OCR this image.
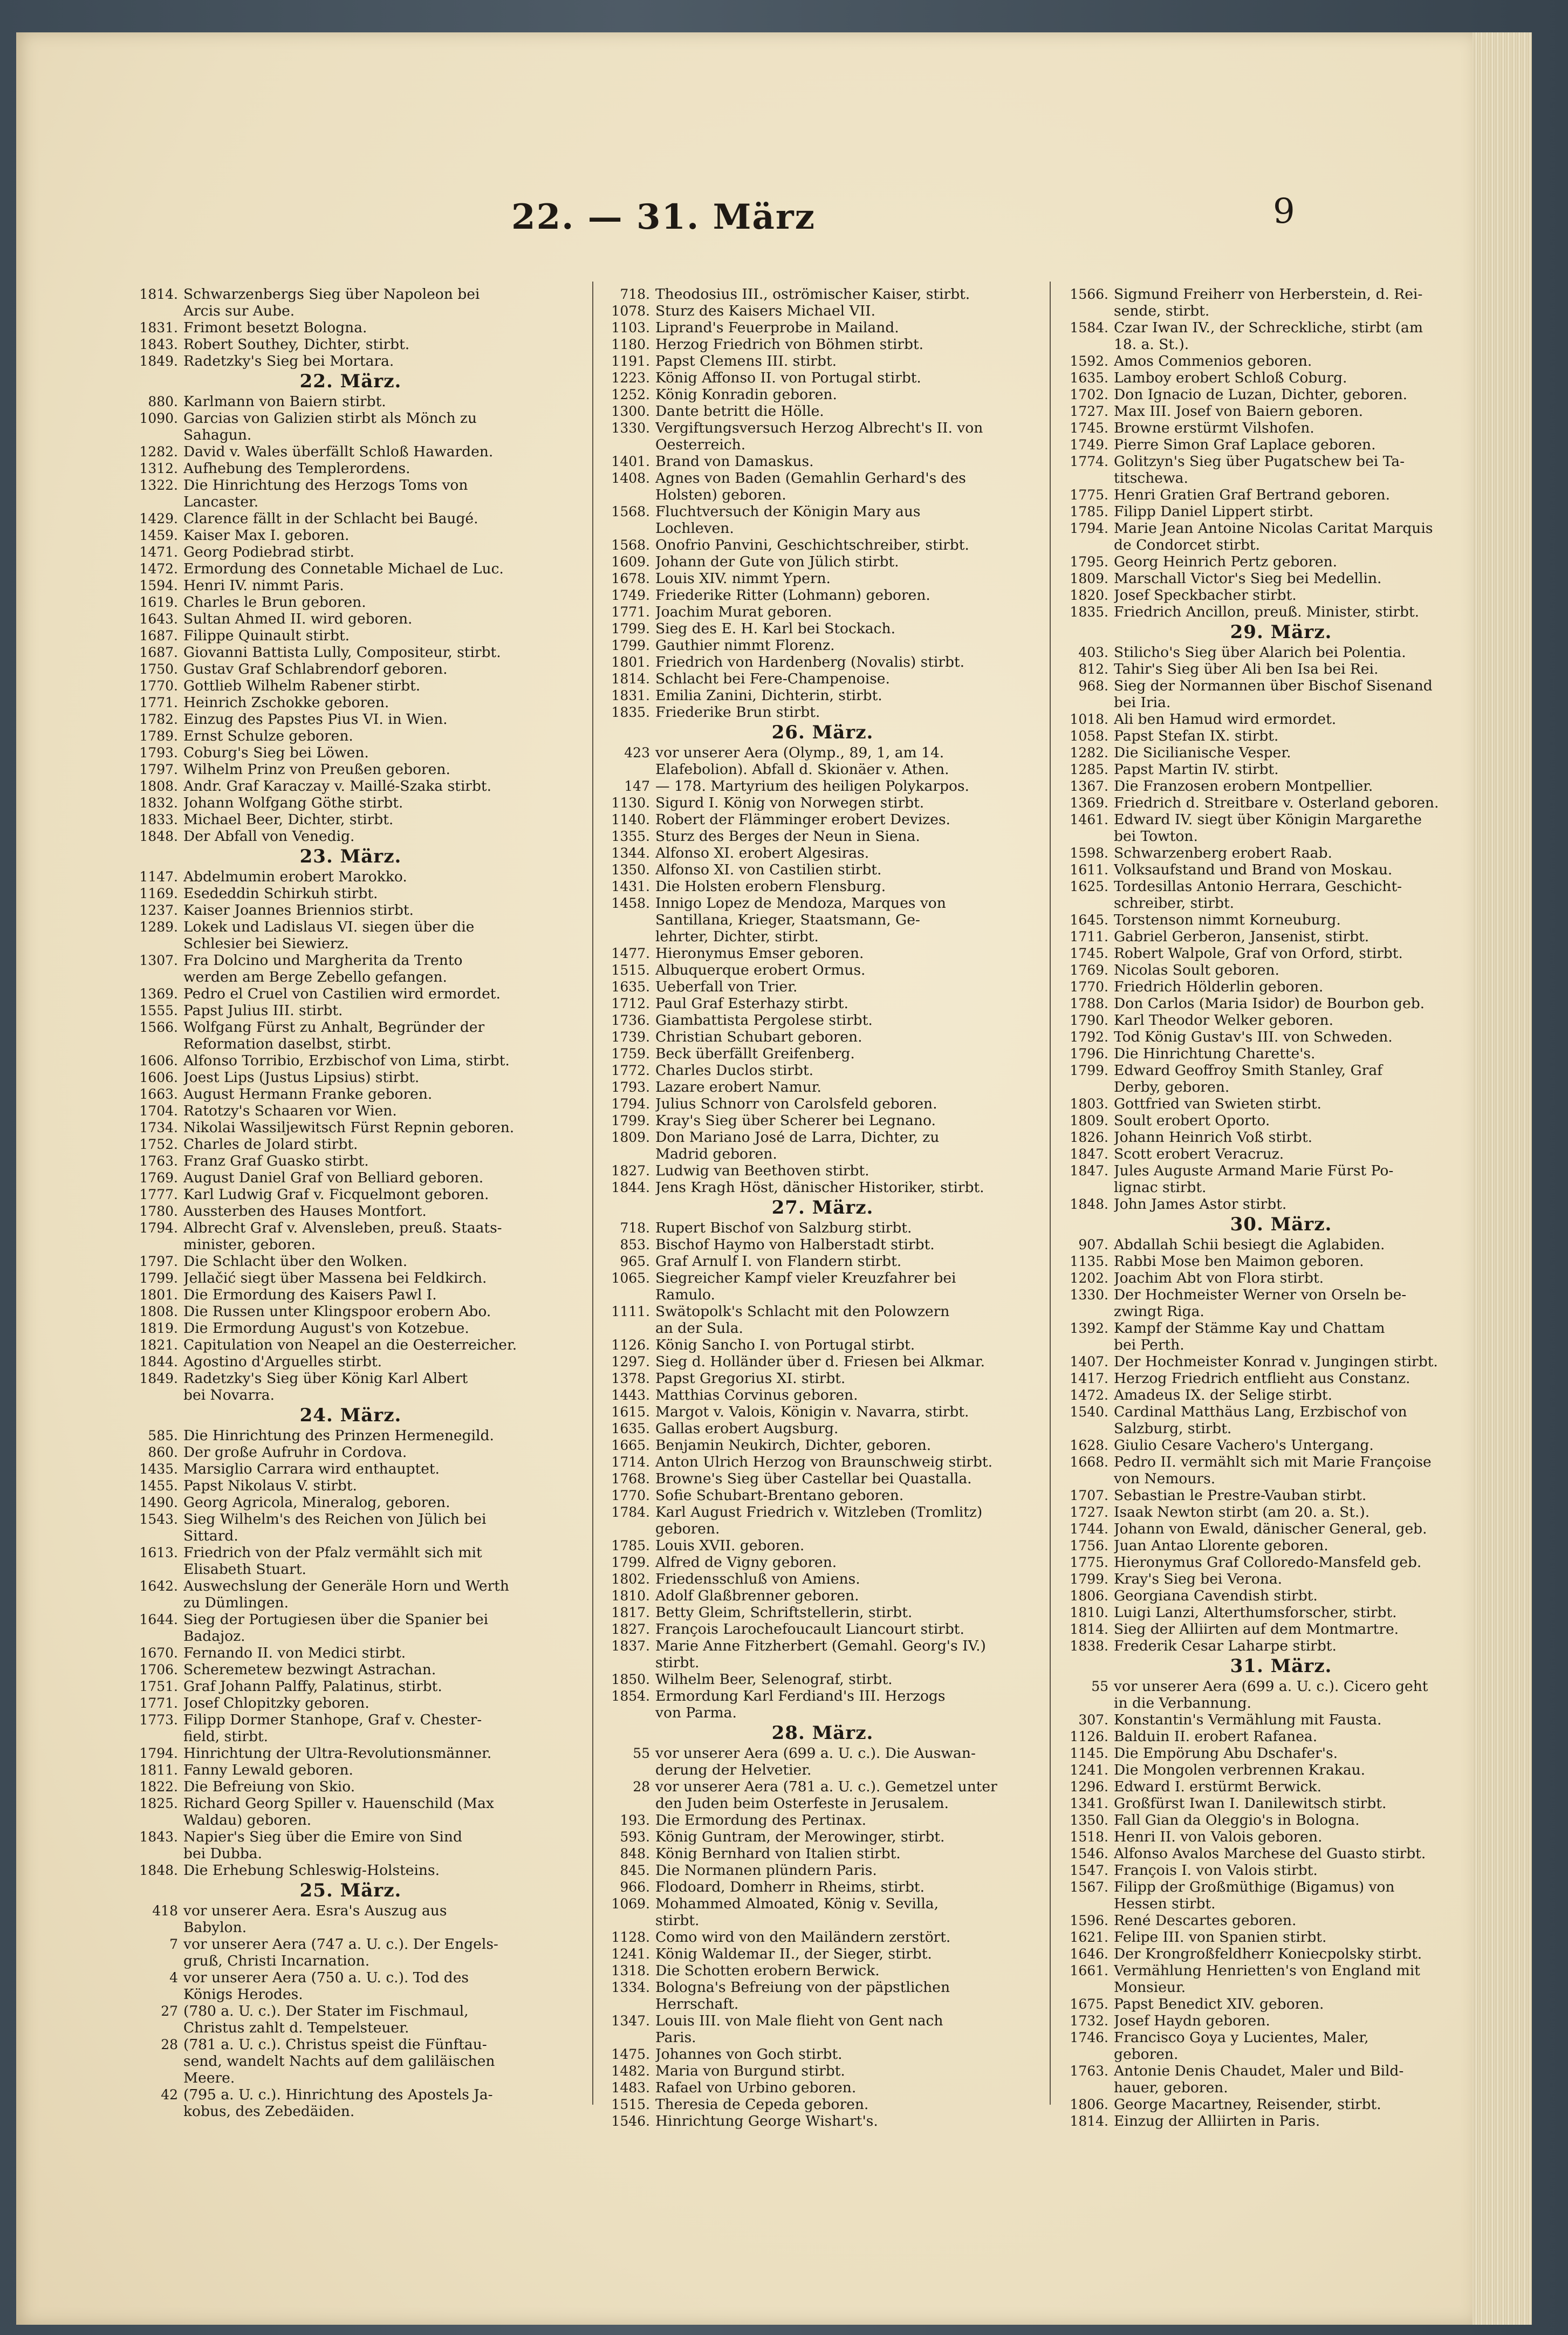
22. — 31. März	9
1814. Schwarzenbergs Sieg über Napoleon bei
Arcis sur Aube.
1831. Frimont besetzt Bologna.
1843. Robert Southey, Dichter, stirbt.
1849. Radetzky's Sieg bei Mortara.
22. März.
880. Karlmann von Baiern stirbt.
1090. Garcias von Galizien stirbt als Mönch zu
Sahagun.
1282. David v. Wales überfällt Schloß Hawarden.
1312. Aufhebung des Templerordens.
1322. Die Hinrichtung des Herzogs Toms von
Lancaster.
1429. Clarence fällt in der Schlacht bei Baugé.
1459. Kaiser Max I. geboren.
1471. Georg Podiebrad stirbt.
1472. Ermordung des Connetable Michael de Luc.
1594. Henri IV. nimmt Paris.
1619. Charles le Brun geboren.
1643. Sultan Ahmed II. wird geboren.
1687. Filippe Quinault stirbt.
1687. Giovanni Battista Lully, Compositeur, stirbt.
1750. Gustav Graf Schlabrendorf geboren.
1770. Gottlieb Wilhelm Rabener stirbt.
1771. Heinrich Zschokke geboren.
1782. Einzug des Papstes Pius VI. in Wien.
1789. Ernst Schulze geboren.
1793. Coburg's Sieg bei Löwen.
1797. Wilhelm Prinz von Preußen geboren.
1808. Andr. Graf Karaczay v. Maillé-Szaka stirbt.
1832. Johann Wolfgang Göthe stirbt.
1833. Michael Beer, Dichter, stirbt.
1848. Der Abfall von Venedig.
23. März.
1147. Abdelmumin erobert Marokko.
1169. Esededdin Schirkuh stirbt.
1237. Kaiser Joannes Briennios stirbt.
1289. Lokek und Ladislaus VI. siegen über die
Schlesier bei Siewierz.
1307. Fra Dolcino und Margherita da Trento
werden am Berge Zebello gefangen.
1369. Pedro el Cruel von Castilien wird ermordet.
1555. Papst Julius III. stirbt.
1566. Wolfgang Fürst zu Anhalt, Begründer der
Reformation daselbst, stirbt.
1606. Alfonso Torribio, Erzbischof von Lima, stirbt.
1606. Joest Lips (Justus Lipsius) stirbt.
1663. August Hermann Franke geboren.
1704. Ratotzy's Schaaren vor Wien.
1734. Nikolai Wassiljewitsch Fürst Repnin geboren.
1752. Charles de Jolard stirbt.
1763. Franz Graf Guasko stirbt.
1769. August Daniel Graf von Belliard geboren.
1777. Karl Ludwig Graf v. Ficquelmont geboren.
1780. Aussterben des Hauses Montfort.
1794. Albrecht Graf v. Alvensleben, preuß. Staats-
minister, geboren.
1797. Die Schlacht über den Wolken.
1799. Jellačić siegt über Massena bei Feldkirch.
1801. Die Ermordung des Kaisers Pawl I.
1808. Die Russen unter Klingspoor erobern Abo.
1819. Die Ermordung August's von Kotzebue.
1821. Capitulation von Neapel an die Oesterreicher.
1844. Agostino d'Arguelles stirbt.
1849. Radetzky's Sieg über König Karl Albert
bei Novarra.
24. März.
585. Die Hinrichtung des Prinzen Hermenegild.
860. Der große Aufruhr in Cordova.
1435. Marsiglio Carrara wird enthauptet.
1455. Papst Nikolaus V. stirbt.
1490. Georg Agricola, Mineralog, geboren.
1543. Sieg Wilhelm's des Reichen von Jülich bei
Sittard.
1613. Friedrich von der Pfalz vermählt sich mit
Elisabeth Stuart.
1642. Auswechslung der Generäle Horn und Werth
zu Dümlingen.
1644. Sieg der Portugiesen über die Spanier bei
Badajoz.
1670. Fernando II. von Medici stirbt.
1706. Scheremetew bezwingt Astrachan.
1751. Graf Johann Palffy, Palatinus, stirbt.
1771. Josef Chlopitzky geboren.
1773. Filipp Dormer Stanhope, Graf v. Chester-
field, stirbt.
1794. Hinrichtung der Ultra-Revolutionsmänner.
1811. Fanny Lewald geboren.
1822. Die Befreiung von Skio.
1825. Richard Georg Spiller v. Hauenschild (Max
Waldau) geboren.
1843. Napier's Sieg über die Emire von Sind
bei Dubba.
1848. Die Erhebung Schleswig-Holsteins.
25. März.
418 vor unserer Aera. Esra's Auszug aus
Babylon.
7 vor unserer Aera (747 a. U. c.). Der Engels-
gruß, Christi Incarnation.
4 vor unserer Aera (750 a. U. c.). Tod des
Königs Herodes.
27 (780 a. U. c.). Der Stater im Fischmaul,
Christus zahlt d. Tempelsteuer.
28 (781 a. U. c.). Christus speist die Fünftau-
send, wandelt Nachts auf dem galiläischen
Meere.
42 (795 a. U. c.). Hinrichtung des Apostels Ja-
kobus, des Zebedäiden.
718. Theodosius III., oströmischer Kaiser, stirbt.
1078. Sturz des Kaisers Michael VII.
1103. Liprand's Feuerprobe in Mailand.
1180. Herzog Friedrich von Böhmen stirbt.
1191. Papst Clemens III. stirbt.
1223. König Affonso II. von Portugal stirbt.
1252. König Konradin geboren.
1300. Dante betritt die Hölle.
1330. Vergiftungsversuch Herzog Albrecht's II. von
Oesterreich.
1401. Brand von Damaskus.
1408. Agnes von Baden (Gemahlin Gerhard's des
Holsten) geboren.
1568. Fluchtversuch der Königin Mary aus
Lochleven.
1568. Onofrio Panvini, Geschichtschreiber, stirbt.
1609. Johann der Gute von Jülich stirbt.
1678. Louis XIV. nimmt Ypern.
1749. Friederike Ritter (Lohmann) geboren.
1771. Joachim Murat geboren.
1799. Sieg des E. H. Karl bei Stockach.
1799. Gauthier nimmt Florenz.
1801. Friedrich von Hardenberg (Novalis) stirbt.
1814. Schlacht bei Fere-Champenoise.
1831. Emilia Zanini, Dichterin, stirbt.
1835. Friederike Brun stirbt.
26. März.
423 vor unserer Aera (Olymp., 89, 1, am 14.
Elafebolion). Abfall d. Skionäer v. Athen.
147 — 178. Martyrium des heiligen Polykarpos.
1130. Sigurd I. König von Norwegen stirbt.
1140. Robert der Flämminger erobert Devizes.
1355. Sturz des Berges der Neun in Siena.
1344. Alfonso XI. erobert Algesiras.
1350. Alfonso XI. von Castilien stirbt.
1431. Die Holsten erobern Flensburg.
1458. Innigo Lopez de Mendoza, Marques von
Santillana, Krieger, Staatsmann, Ge-
lehrter, Dichter, stirbt.
1477. Hieronymus Emser geboren.
1515. Albuquerque erobert Ormus.
1635. Ueberfall von Trier.
1712. Paul Graf Esterhazy stirbt.
1736. Giambattista Pergolese stirbt.
1739. Christian Schubart geboren.
1759. Beck überfällt Greifenberg.
1772. Charles Duclos stirbt.
1793. Lazare erobert Namur.
1794. Julius Schnorr von Carolsfeld geboren.
1799. Kray's Sieg über Scherer bei Legnano.
1809. Don Mariano José de Larra, Dichter, zu
Madrid geboren.
1827. Ludwig van Beethoven stirbt.
1844. Jens Kragh Höst, dänischer Historiker, stirbt.
27. März.
718. Rupert Bischof von Salzburg stirbt.
853. Bischof Haymo von Halberstadt stirbt.
965. Graf Arnulf I. von Flandern stirbt.
1065. Siegreicher Kampf vieler Kreuzfahrer bei
Ramulo.
1111. Swätopolk's Schlacht mit den Polowzern
an der Sula.
1126. König Sancho I. von Portugal stirbt.
1297. Sieg d. Holländer über d. Friesen bei Alkmar.
1378. Papst Gregorius XI. stirbt.
1443. Matthias Corvinus geboren.
1615. Margot v. Valois, Königin v. Navarra, stirbt.
1635. Gallas erobert Augsburg.
1665. Benjamin Neukirch, Dichter, geboren.
1714. Anton Ulrich Herzog von Braunschweig stirbt.
1768. Browne's Sieg über Castellar bei Quastalla.
1770. Sofie Schubart-Brentano geboren.
1784. Karl August Friedrich v. Witzleben (Tromlitz)
geboren.
1785. Louis XVII. geboren.
1799. Alfred de Vigny geboren.
1802. Friedensschluß von Amiens.
1810. Adolf Glaßbrenner geboren.
1817. Betty Gleim, Schriftstellerin, stirbt.
1827. François Larochefoucault Liancourt stirbt.
1837. Marie Anne Fitzherbert (Gemahl. Georg's IV.)
stirbt.
1850. Wilhelm Beer, Selenograf, stirbt.
1854. Ermordung Karl Ferdiand's III. Herzogs
von Parma.
28. März.
55 vor unserer Aera (699 a. U. c.). Die Auswan-
derung der Helvetier.
28 vor unserer Aera (781 a. U. c.). Gemetzel unter
den Juden beim Osterfeste in Jerusalem.
193. Die Ermordung des Pertinax.
593. König Guntram, der Merowinger, stirbt.
848. König Bernhard von Italien stirbt.
845. Die Normanen plündern Paris.
966. Flodoard, Domherr in Rheims, stirbt.
1069. Mohammed Almoated, König v. Sevilla,
stirbt.
1128. Como wird von den Mailändern zerstört.
1241. König Waldemar II., der Sieger, stirbt.
1318. Die Schotten erobern Berwick.
1334. Bologna's Befreiung von der päpstlichen
Herrschaft.
1347. Louis III. von Male flieht von Gent nach
Paris.
1475. Johannes von Goch stirbt.
1482. Maria von Burgund stirbt.
1483. Rafael von Urbino geboren.
1515. Theresia de Cepeda geboren.
1546. Hinrichtung George Wishart's.
1566. Sigmund Freiherr von Herberstein, d. Rei-
sende, stirbt.
1584. Czar Iwan IV., der Schreckliche, stirbt (am
18. a. St.).
1592. Amos Commenios geboren.
1635. Lamboy erobert Schloß Coburg.
1702. Don Ignacio de Luzan, Dichter, geboren.
1727. Max III. Josef von Baiern geboren.
1745. Browne erstürmt Vilshofen.
1749. Pierre Simon Graf Laplace geboren.
1774. Golitzyn's Sieg über Pugatschew bei Ta-
titschewa.
1775. Henri Gratien Graf Bertrand geboren.
1785. Filipp Daniel Lippert stirbt.
1794. Marie Jean Antoine Nicolas Caritat Marquis
de Condorcet stirbt.
1795. Georg Heinrich Pertz geboren.
1809. Marschall Victor's Sieg bei Medellin.
1820. Josef Speckbacher stirbt.
1835. Friedrich Ancillon, preuß. Minister, stirbt.
29. März.
403. Stilicho's Sieg über Alarich bei Polentia.
812. Tahir's Sieg über Ali ben Isa bei Rei.
968. Sieg der Normannen über Bischof Sisenand
bei Iria.
1018. Ali ben Hamud wird ermordet.
1058. Papst Stefan IX. stirbt.
1282. Die Sicilianische Vesper.
1285. Papst Martin IV. stirbt.
1367. Die Franzosen erobern Montpellier.
1369. Friedrich d. Streitbare v. Osterland geboren.
1461. Edward IV. siegt über Königin Margarethe
bei Towton.
1598. Schwarzenberg erobert Raab.
1611. Volksaufstand und Brand von Moskau.
1625. Tordesillas Antonio Herrara, Geschicht-
schreiber, stirbt.
1645. Torstenson nimmt Korneuburg.
1711. Gabriel Gerberon, Jansenist, stirbt.
1745. Robert Walpole, Graf von Orford, stirbt.
1769. Nicolas Soult geboren.
1770. Friedrich Hölderlin geboren.
1788. Don Carlos (Maria Isidor) de Bourbon geb.
1790. Karl Theodor Welker geboren.
1792. Tod König Gustav's III. von Schweden.
1796. Die Hinrichtung Charette's.
1799. Edward Geoffroy Smith Stanley, Graf
Derby, geboren.
1803. Gottfried van Swieten stirbt.
1809. Soult erobert Oporto.
1826. Johann Heinrich Voß stirbt.
1847. Scott erobert Veracruz.
1847. Jules Auguste Armand Marie Fürst Po-
lignac stirbt.
1848. John James Astor stirbt.
30. März.
907. Abdallah Schii besiegt die Aglabiden.
1135. Rabbi Mose ben Maimon geboren.
1202. Joachim Abt von Flora stirbt.
1330. Der Hochmeister Werner von Orseln be-
zwingt Riga.
1392. Kampf der Stämme Kay und Chattam
bei Perth.
1407. Der Hochmeister Konrad v. Jungingen stirbt.
1417. Herzog Friedrich entflieht aus Constanz.
1472. Amadeus IX. der Selige stirbt.
1540. Cardinal Matthäus Lang, Erzbischof von
Salzburg, stirbt.
1628. Giulio Cesare Vachero's Untergang.
1668. Pedro II. vermählt sich mit Marie Françoise
von Nemours.
1707. Sebastian le Prestre-Vauban stirbt.
1727. Isaak Newton stirbt (am 20. a. St.).
1744. Johann von Ewald, dänischer General, geb.
1756. Juan Antao Llorente geboren.
1775. Hieronymus Graf Colloredo-Mansfeld geb.
1799. Kray's Sieg bei Verona.
1806. Georgiana Cavendish stirbt.
1810. Luigi Lanzi, Alterthumsforscher, stirbt.
1814. Sieg der Alliirten auf dem Montmartre.
1838. Frederik Cesar Laharpe stirbt.
31. März.
55 vor unserer Aera (699 a. U. c.). Cicero geht
in die Verbannung.
307. Konstantin's Vermählung mit Fausta.
1126. Balduin II. erobert Rafanea.
1145. Die Empörung Abu Dschafer's.
1241. Die Mongolen verbrennen Krakau.
1296. Edward I. erstürmt Berwick.
1341. Großfürst Iwan I. Danilewitsch stirbt.
1350. Fall Gian da Oleggio's in Bologna.
1518. Henri II. von Valois geboren.
1546. Alfonso Avalos Marchese del Guasto stirbt.
1547. François I. von Valois stirbt.
1567. Filipp der Großmüthige (Bigamus) von
Hessen stirbt.
1596. René Descartes geboren.
1621. Felipe III. von Spanien stirbt.
1646. Der Krongroßfeldherr Koniecpolsky stirbt.
1661. Vermählung Henrietten's von England mit
Monsieur.
1675. Papst Benedict XIV. geboren.
1732. Josef Haydn geboren.
1746. Francisco Goya y Lucientes, Maler,
geboren.
1763. Antonie Denis Chaudet, Maler und Bild-
hauer, geboren.
1806. George Macartney, Reisender, stirbt.
1814. Einzug der Alliirten in Paris.
